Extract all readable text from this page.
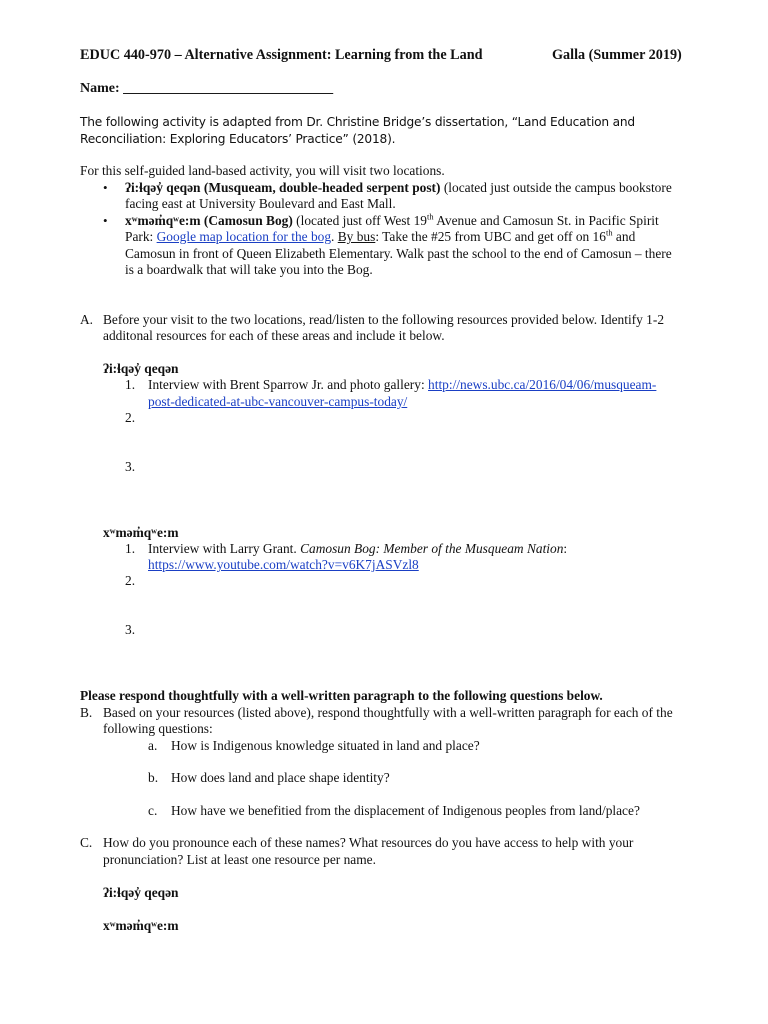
EDUC 440-970 – Alternative Assignment: Learning from the Land	Galla (Summer 2019)
Name: ______________________________
The following activity is adapted from Dr. Christine Bridge’s dissertation, “Land Education and
Reconciliation: Exploring Educators’ Practice” (2018).
For this self-guided land-based activity, you will visit two locations.
• ʔi:ɬqəy̓ qeqən (Musqueam, double-headed serpent post) (located just outside the campus bookstore
facing east at University Boulevard and East Mall.
• xʷməm̓qʷe:m (Camosun Bog) (located just off West 19th Avenue and Camosun St. in Pacific Spirit
Park: Google map location for the bog. By bus: Take the #25 from UBC and get off on 16th and
Camosun in front of Queen Elizabeth Elementary. Walk past the school to the end of Camosun – there
is a boardwalk that will take you into the Bog.
A. Before your visit to the two locations, read/listen to the following resources provided below. Identify 1-2
additonal resources for each of these areas and include it below.
ʔi:ɬqəy̓ qeqən
1. Interview with Brent Sparrow Jr. and photo gallery: http://news.ubc.ca/2016/04/06/musqueam-
post-dedicated-at-ubc-vancouver-campus-today/
2.
3.
xʷməm̓qʷe:m
1. Interview with Larry Grant. Camosun Bog: Member of the Musqueam Nation:
https://www.youtube.com/watch?v=v6K7jASVzl8
2.
3.
Please respond thoughtfully with a well-written paragraph to the following questions below.
B. Based on your resources (listed above), respond thoughtfully with a well-written paragraph for each of the
following questions:
a. How is Indigenous knowledge situated in land and place?
b. How does land and place shape identity?
c. How have we benefitied from the displacement of Indigenous peoples from land/place?
C. How do you pronounce each of these names? What resources do you have access to help with your
pronunciation? List at least one resource per name.
ʔi:ɬqəy̓ qeqən
xʷməm̓qʷe:m
